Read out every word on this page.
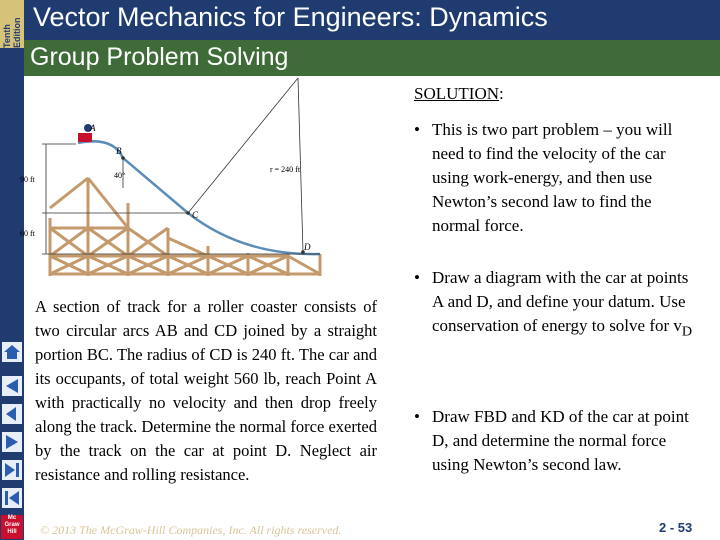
Tenth Edition
Mc Graw Hill
Vector Mechanics for Engineers: Dynamics
Group Problem Solving
A
B
C
D
90 ft
60 ft
40°
r = 240 ft
A section of track for a roller coaster consists of two circular arcs AB and CD joined by a straight portion BC. The radius of CD is 240 ft. The car and its occupants, of total weight 560 lb, reach Point A with practically no velocity and then drop freely along the track. Determine the normal force exerted by the track on the car at point D. Neglect air resistance and rolling resistance.
SOLUTION:
• This is two part problem – you will need to find the velocity of the car using work-energy, and then use Newton’s second law to find the normal force.
• Draw a diagram with the car at points A and D, and define your datum. Use conservation of energy to solve for $v_D$
• Draw FBD and KD of the car at point D, and determine the normal force using Newton’s second law.
© 2013 The McGraw-Hill Companies, Inc. All rights reserved.	2 - 53
